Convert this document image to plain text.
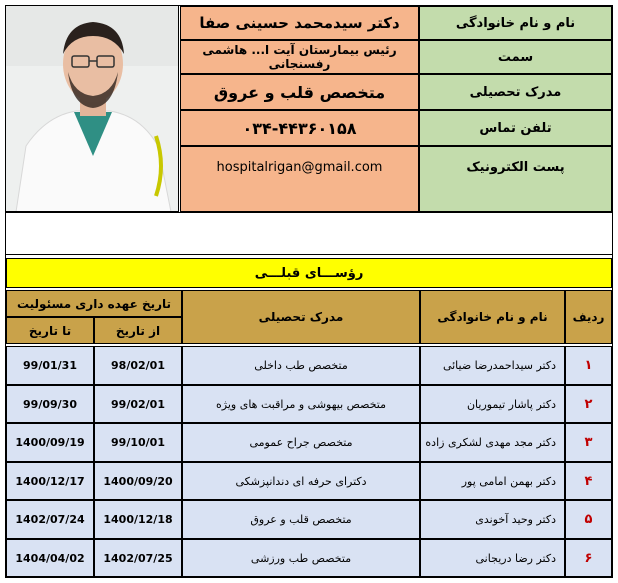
دکتر سیدمحمد حسینی صفا
رئیس بیمارستان آیت ا... هاشمی رفسنجانی
متخصص قلب و عروق
۰۳۴-۴۴۳۶۰۱۵۸
hospitalrigan@gmail.com
نام و نام خانوادگی
سمت
مدرک تحصیلی
تلفن تماس
پست الکترونیک
رؤســـای قبلـــی
ردیف
نام و نام خانوادگی
مدرک تحصیلی
تاریخ عهده داری مسئولیت
از تاریخ
تا تاریخ
۱
دکتر سیداحمدرضا ضیائی
متخصص طب داخلی
98/02/01
99/01/31
۲
دکتر پاشار تیموریان
متخصص بیهوشی و مراقبت های ویژه
99/02/01
99/09/30
۳
دکتر مجد مهدی لشکری زاده
متخصص جراح عمومی
99/10/01
1400/09/19
۴
دکتر بهمن امامی پور
دکترای حرفه ای دندانپزشکی
1400/09/20
1400/12/17
۵
دکتر وحید آخوندی
متخصص قلب و عروق
1400/12/18
1402/07/24
۶
دکتر رضا دریجانی
متخصص طب ورزشی
1402/07/25
1404/04/02
